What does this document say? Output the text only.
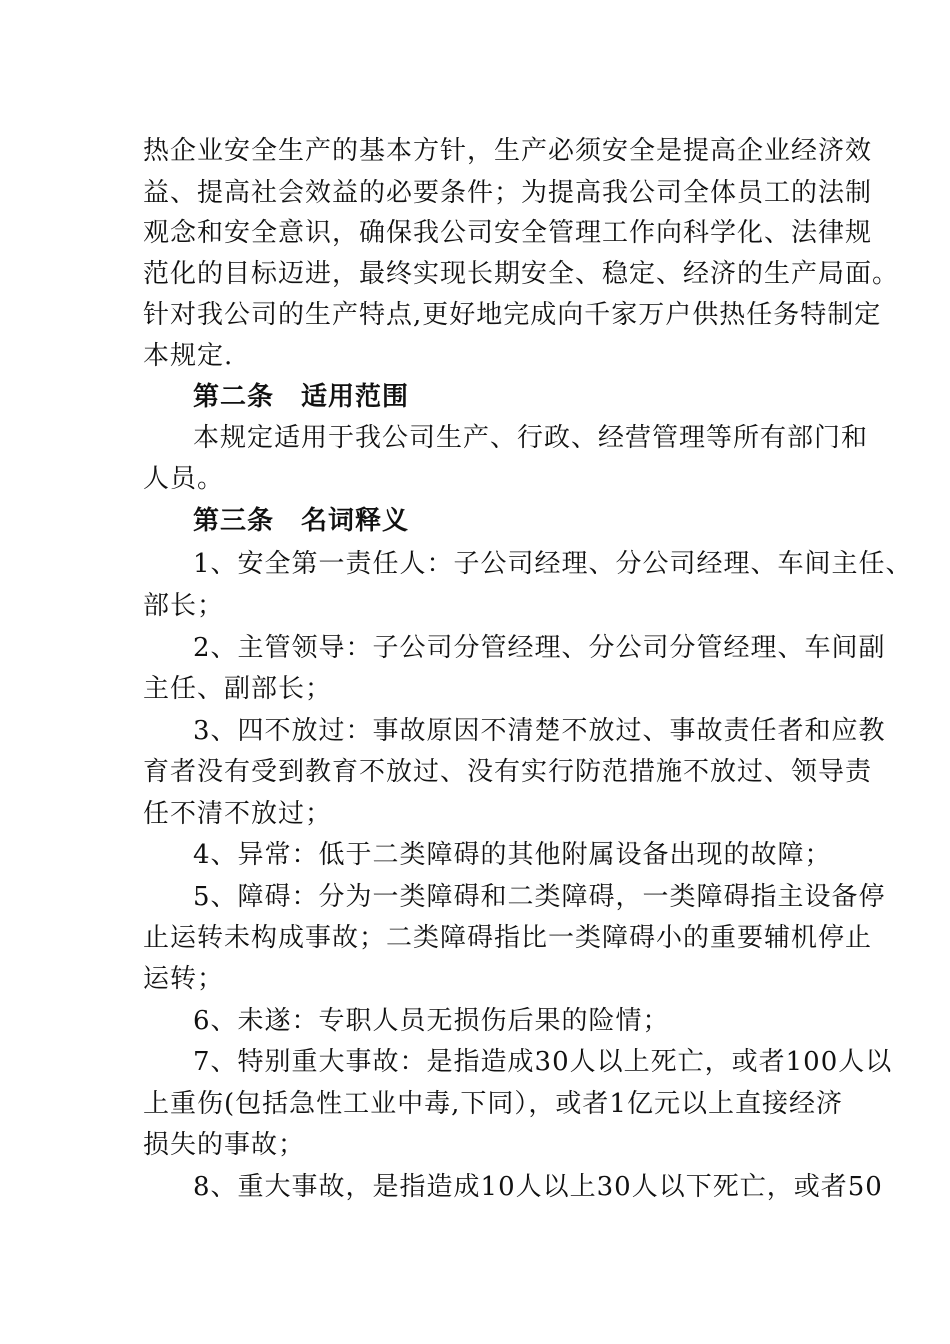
热企业安全生产的基本方针，生产必须安全是提高企业经济效
益、提高社会效益的必要条件；为提高我公司全体员工的法制
观念和安全意识，确保我公司安全管理工作向科学化、法律规
范化的目标迈进，最终实现长期安全、稳定、经济的生产局面。
针对我公司的生产特点,更好地完成向千家万户供热任务特制定
本规定.
第二条　适用范围
本规定适用于我公司生产、行政、经营管理等所有部门和
人员。
第三条　名词释义
1、安全第一责任人：子公司经理、分公司经理、车间主任、
部长；
2、主管领导：子公司分管经理、分公司分管经理、车间副
主任、副部长；
3、四不放过：事故原因不清楚不放过、事故责任者和应教
育者没有受到教育不放过、没有实行防范措施不放过、领导责
任不清不放过；
4、异常：低于二类障碍的其他附属设备出现的故障；
5、障碍：分为一类障碍和二类障碍，一类障碍指主设备停
止运转未构成事故；二类障碍指比一类障碍小的重要辅机停止
运转；
6、未遂：专职人员无损伤后果的险情；
7、特别重大事故：是指造成30人以上死亡，或者100人以
上重伤(包括急性工业中毒,下同），或者1亿元以上直接经济
损失的事故；
8、重大事故，是指造成10人以上30人以下死亡，或者50
